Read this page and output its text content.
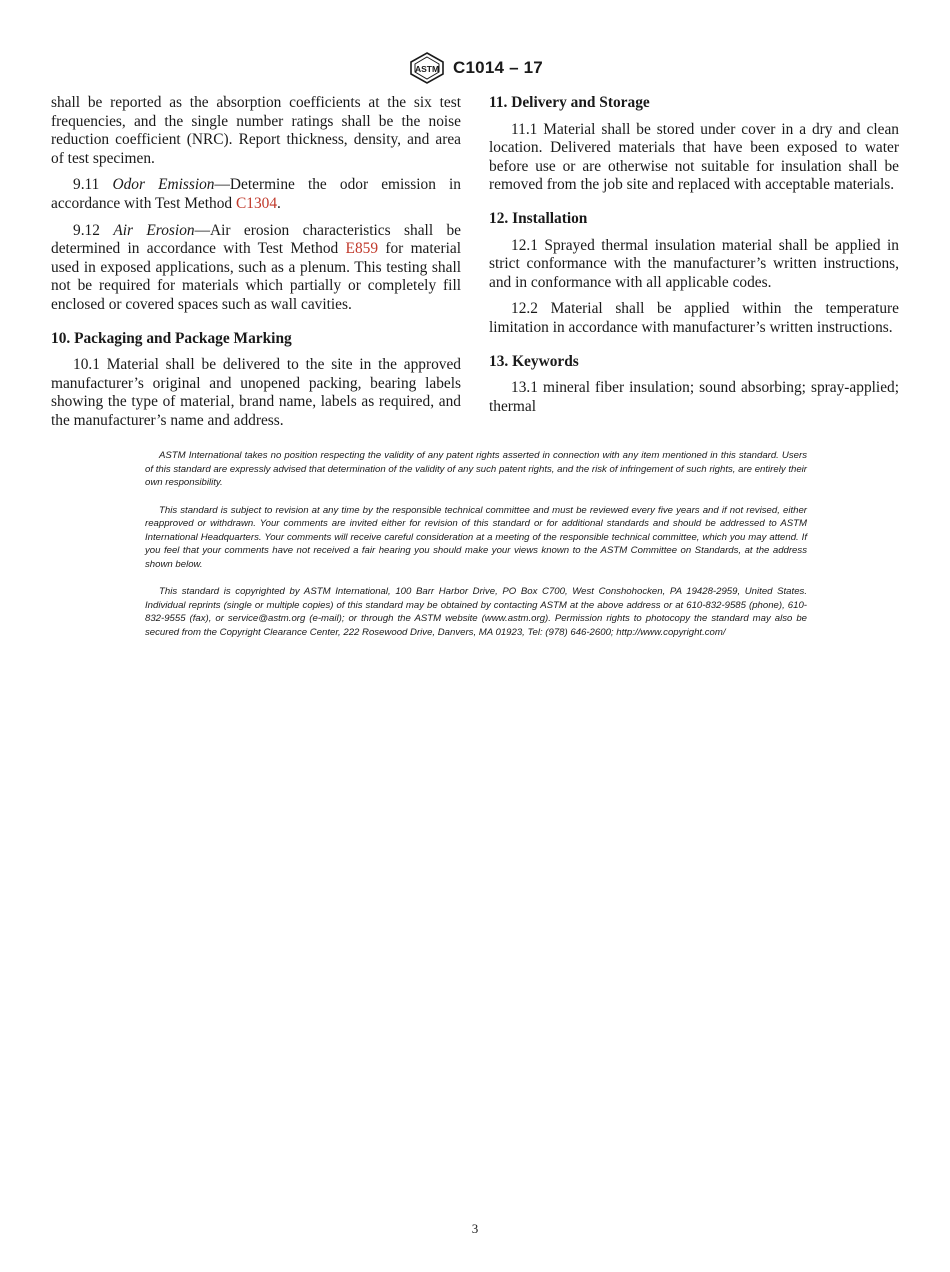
ASTM C1014 – 17

shall be reported as the absorption coefficients at the six test frequencies, and the single number ratings shall be the noise reduction coefficient (NRC). Report thickness, density, and area of test specimen.

9.11 Odor Emission—Determine the odor emission in accordance with Test Method C1304.

9.12 Air Erosion—Air erosion characteristics shall be determined in accordance with Test Method E859 for material used in exposed applications, such as a plenum. This testing shall not be required for materials which partially or completely fill enclosed or covered spaces such as wall cavities.

10. Packaging and Package Marking

10.1 Material shall be delivered to the site in the approved manufacturer’s original and unopened packing, bearing labels showing the type of material, brand name, labels as required, and the manufacturer’s name and address.

11. Delivery and Storage

11.1 Material shall be stored under cover in a dry and clean location. Delivered materials that have been exposed to water before use or are otherwise not suitable for insulation shall be removed from the job site and replaced with acceptable materials.

12. Installation

12.1 Sprayed thermal insulation material shall be applied in strict conformance with the manufacturer’s written instructions, and in conformance with all applicable codes.

12.2 Material shall be applied within the temperature limitation in accordance with manufacturer’s written instructions.

13. Keywords

13.1 mineral fiber insulation; sound absorbing; spray-applied; thermal

ASTM International takes no position respecting the validity of any patent rights asserted in connection with any item mentioned in this standard. Users of this standard are expressly advised that determination of the validity of any such patent rights, and the risk of infringement of such rights, are entirely their own responsibility.

This standard is subject to revision at any time by the responsible technical committee and must be reviewed every five years and if not revised, either reapproved or withdrawn. Your comments are invited either for revision of this standard or for additional standards and should be addressed to ASTM International Headquarters. Your comments will receive careful consideration at a meeting of the responsible technical committee, which you may attend. If you feel that your comments have not received a fair hearing you should make your views known to the ASTM Committee on Standards, at the address shown below.

This standard is copyrighted by ASTM International, 100 Barr Harbor Drive, PO Box C700, West Conshohocken, PA 19428-2959, United States. Individual reprints (single or multiple copies) of this standard may be obtained by contacting ASTM at the above address or at 610-832-9585 (phone), 610-832-9555 (fax), or service@astm.org (e-mail); or through the ASTM website (www.astm.org). Permission rights to photocopy the standard may also be secured from the Copyright Clearance Center, 222 Rosewood Drive, Danvers, MA 01923, Tel: (978) 646-2600; http://www.copyright.com/

3
